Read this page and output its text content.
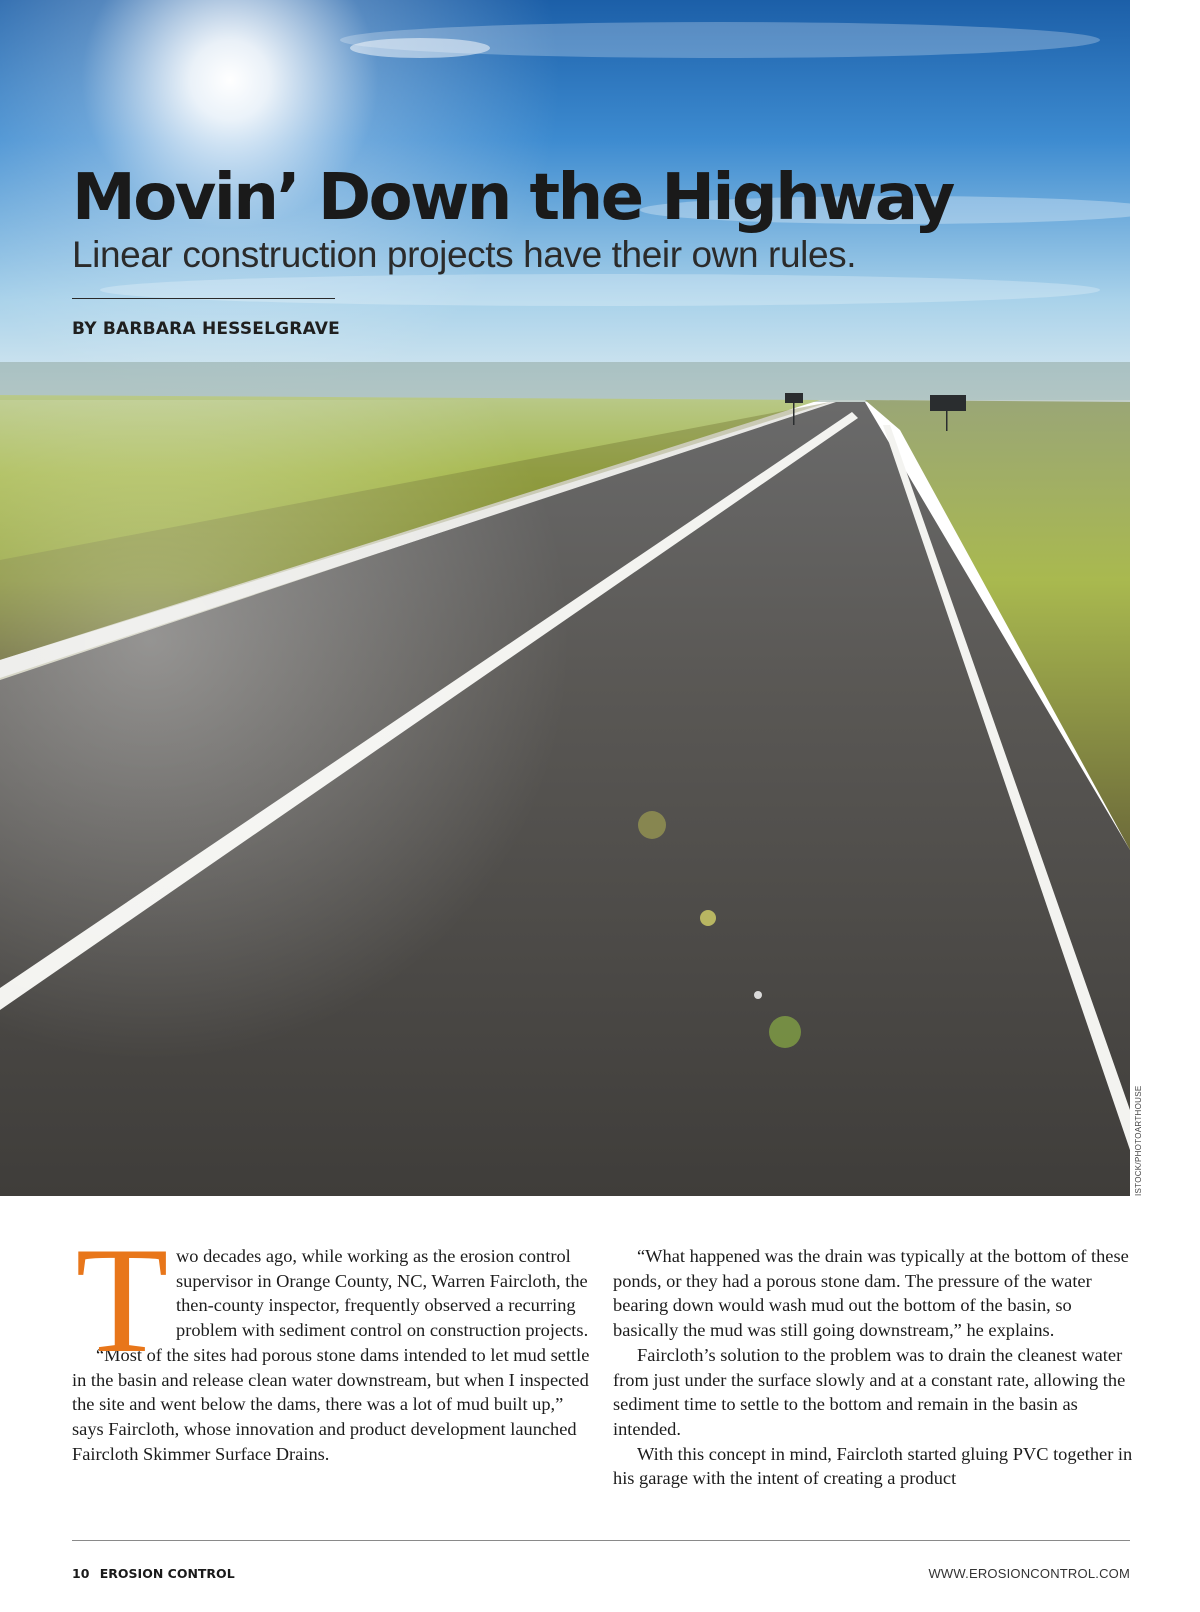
Movin’ Down the Highway
Linear construction projects have their own rules.
BY BARBARA HESSELGRAVE
ISTOCK/PHOTOARTHOUSE
T wo decades ago, while working as the erosion control supervisor in Orange County, NC, Warren Faircloth, the then-county inspector, frequently observed a recurring problem with sediment control on construction projects.

“Most of the sites had porous stone dams intended to let mud settle in the basin and release clean water downstream, but when I inspected the site and went below the dams, there was a lot of mud built up,” says Faircloth, whose innovation and product development launched Faircloth Skimmer Surface Drains.

“What happened was the drain was typically at the bottom of these ponds, or they had a porous stone dam. The pressure of the water bearing down would wash mud out the bottom of the basin, so basically the mud was still going downstream,” he explains.

Faircloth’s solution to the problem was to drain the cleanest water from just under the surface slowly and at a constant rate, allowing the sediment time to settle to the bottom and remain in the basin as intended.

With this concept in mind, Faircloth started gluing PVC together in his garage with the intent of creating a product

10 EROSION CONTROL	WWW.EROSIONCONTROL.COM
